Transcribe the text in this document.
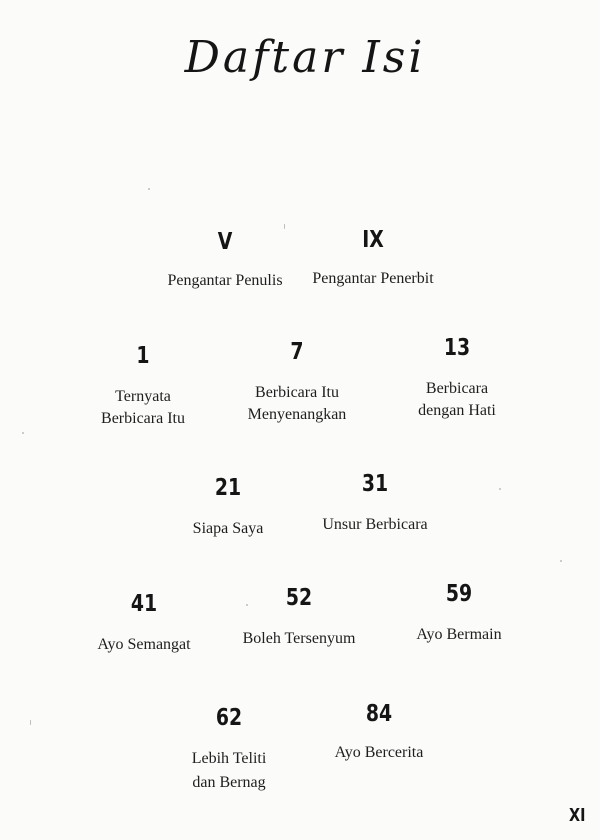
Daftar Isi
V
Pengantar Penulis
IX
Pengantar Penerbit
1
Ternyata
Berbicara Itu
7
Berbicara Itu
Menyenangkan
13
Berbicara
dengan Hati
21
Siapa Saya
31
Unsur Berbicara
41
Ayo Semangat
52
Boleh Tersenyum
59
Ayo Bermain
62
Lebih Teliti
dan Bernag
84
Ayo Bercerita
XI
